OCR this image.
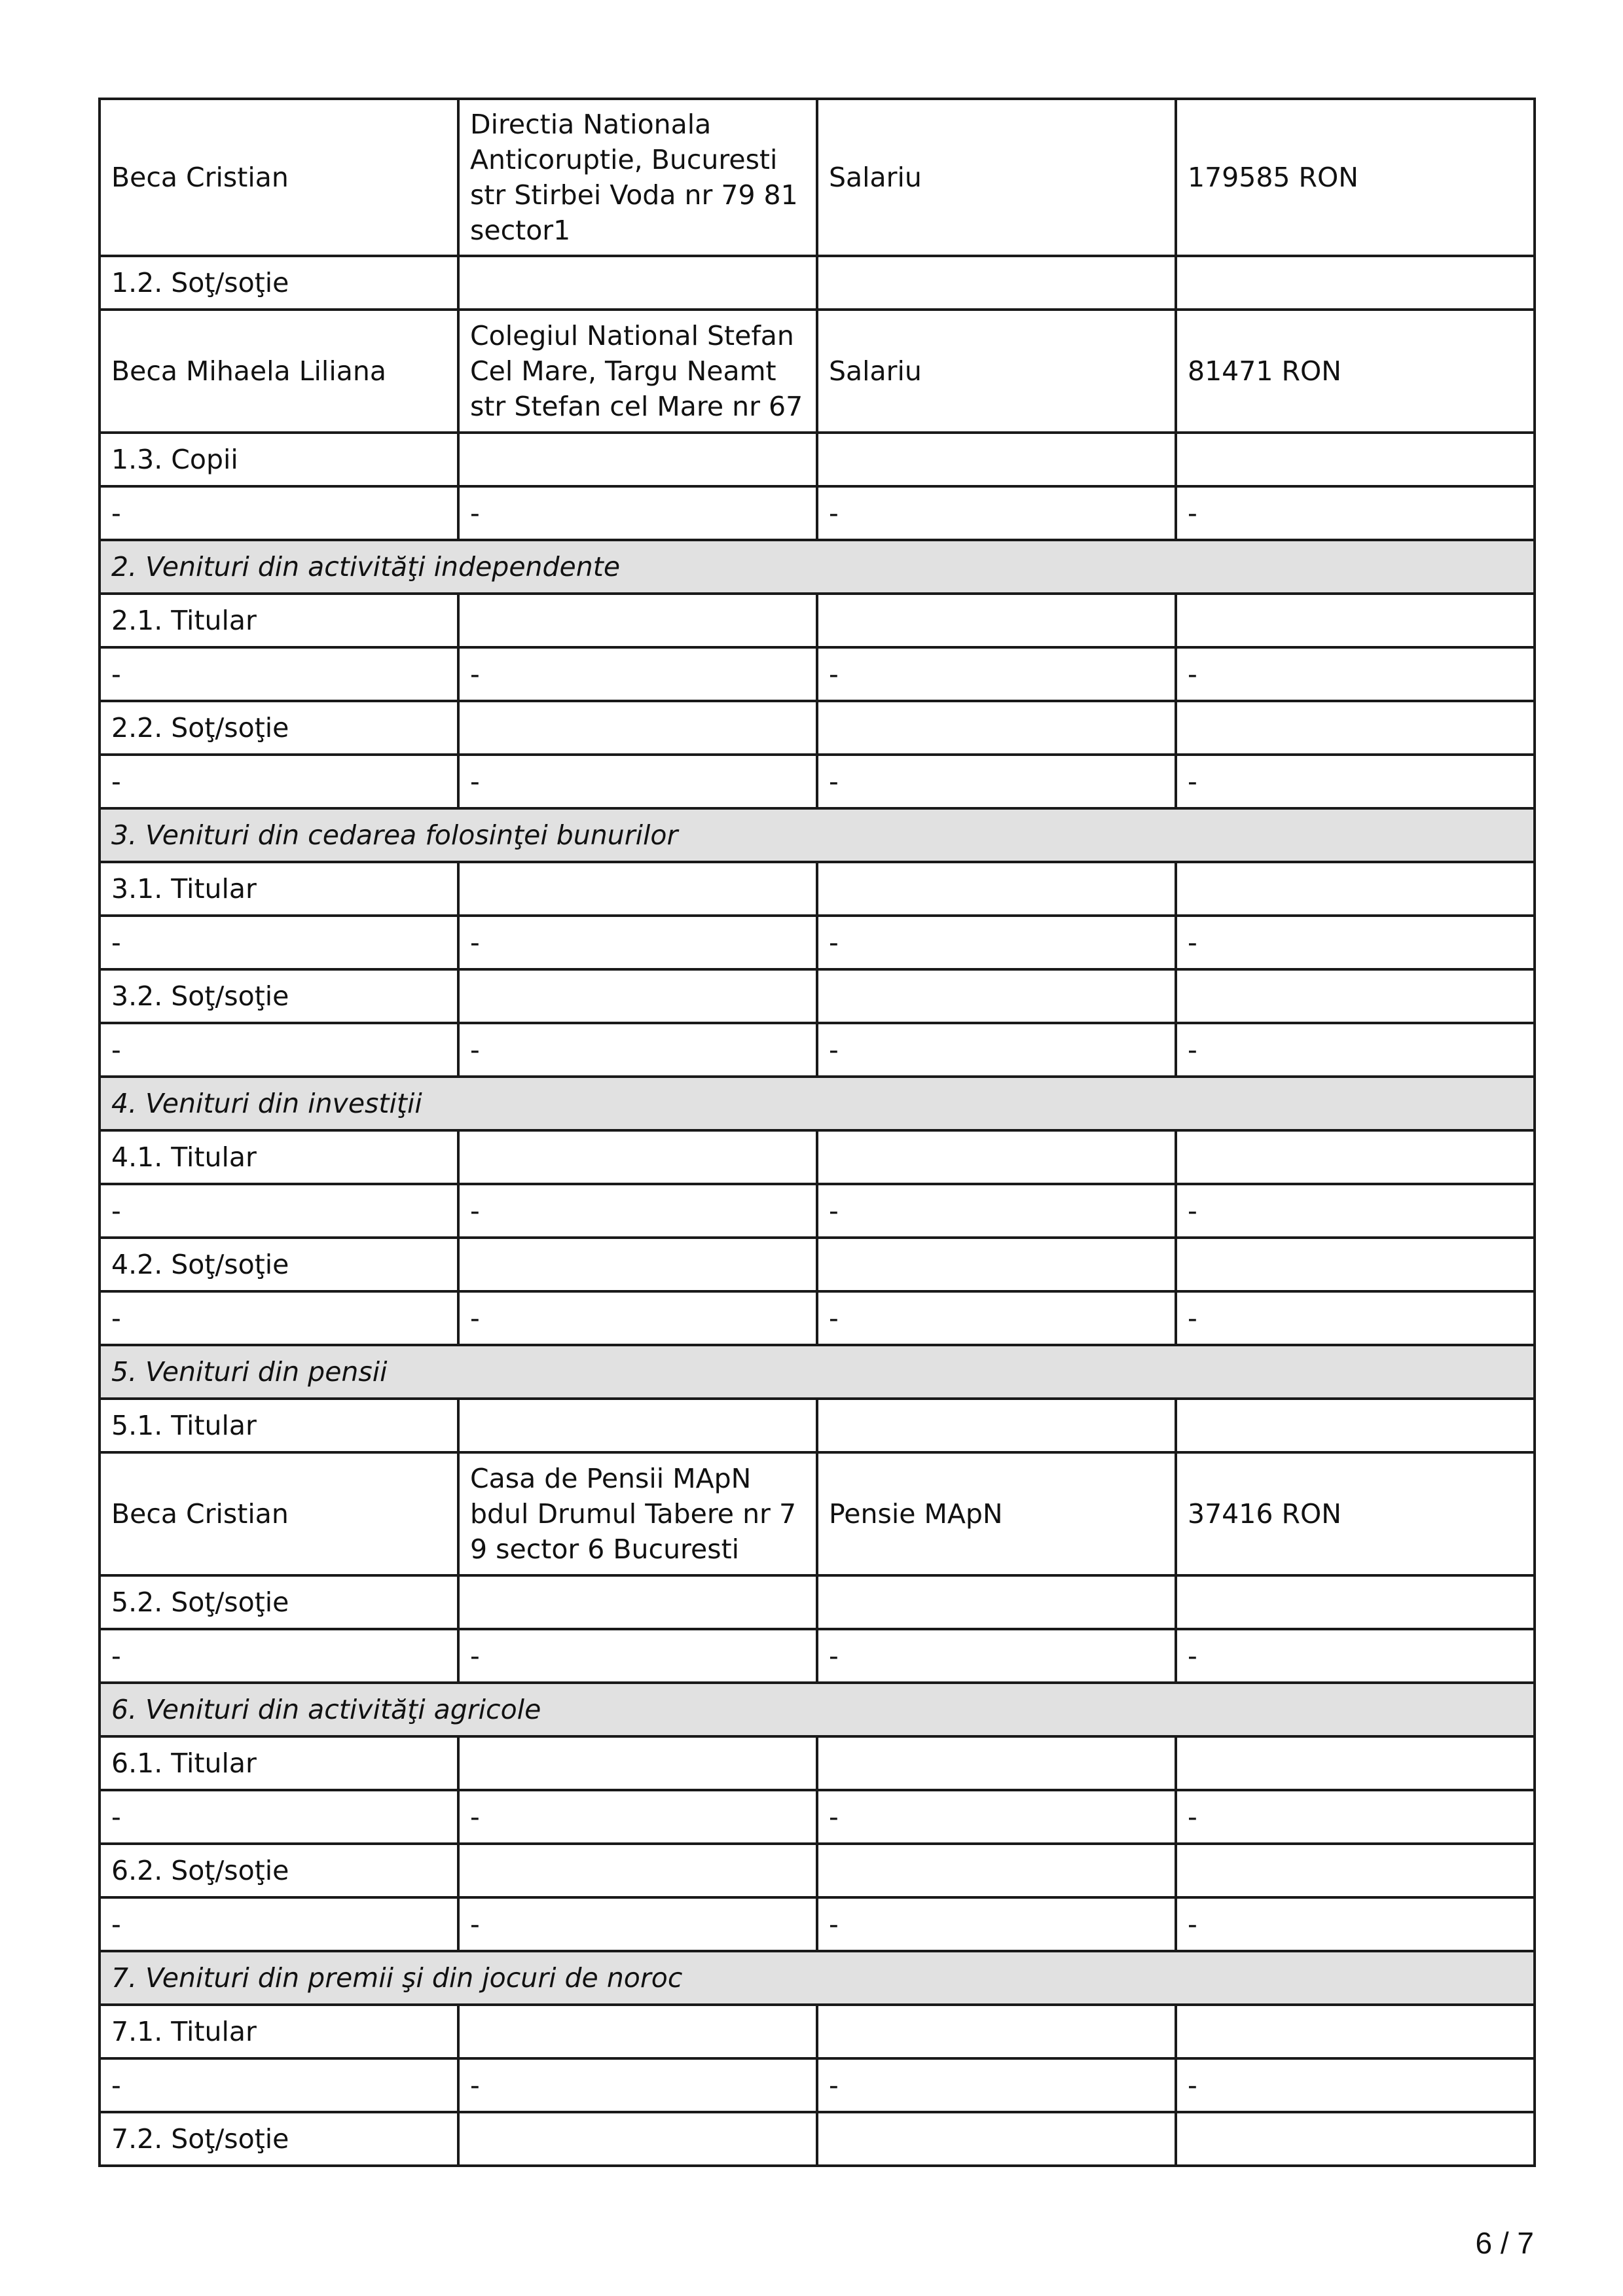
Beca Cristian	Directia Nationala
Anticoruptie, Bucuresti
str Stirbei Voda nr 79 81
sector1	Salariu	179585 RON
1.2. Soţ/soţie			
Beca Mihaela Liliana	Colegiul National Stefan
Cel Mare, Targu Neamt
str Stefan cel Mare nr 67	Salariu	81471 RON
1.3. Copii			
-	-	-	-
2. Venituri din activităţi independente			
2.1. Titular			
-	-	-	-
2.2. Soţ/soţie			
-	-	-	-
3. Venituri din cedarea folosinţei bunurilor			
3.1. Titular			
-	-	-	-
3.2. Soţ/soţie			
-	-	-	-
4. Venituri din investiţii			
4.1. Titular			
-	-	-	-
4.2. Soţ/soţie			
-	-	-	-
5. Venituri din pensii			
5.1. Titular			
Beca Cristian	Casa de Pensii MApN
bdul Drumul Tabere nr 7
9 sector 6 Bucuresti	Pensie MApN	37416 RON
5.2. Soţ/soţie			
-	-	-	-
6. Venituri din activităţi agricole			
6.1. Titular			
-	-	-	-
6.2. Soţ/soţie			
-	-	-	-
7. Venituri din premii şi din jocuri de noroc			
7.1. Titular			
-	-	-	-
7.2. Soţ/soţie			
6 / 7
